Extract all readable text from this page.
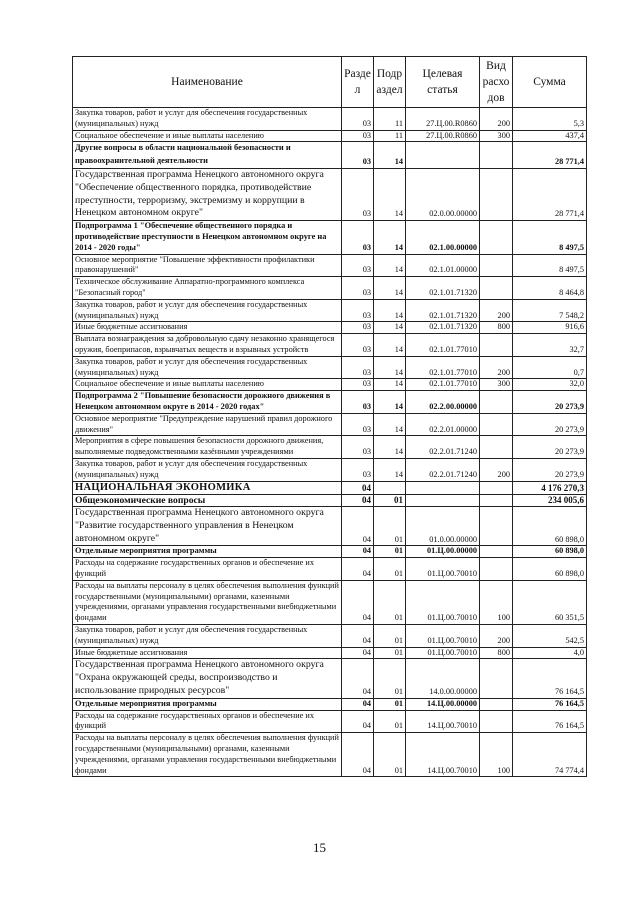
Наименование	Разде л	Подр аздел	Целевая статья	Вид расхо дов	Сумма
Закупка товаров, работ и услуг для обеспечения государственных (муниципальных) нужд	03	11	27.Ц.00.R0860	200	5,3
Социальное обеспечение и иные выплаты населению	03	11	27.Ц.00.R0860	300	437,4
Другие вопросы в области национальной безопасности и правоохранительной деятельности	03	14			28 771,4
Государственная программа Ненецкого автономного округа "Обеспечение общественного порядка, противодействие преступности, терроризму, экстремизму и коррупции в Ненецком автономном округе"	03	14	02.0.00.00000		28 771,4
Подпрограмма 1 "Обеспечение общественного порядка и противодействие преступности в Ненецком автономном округе на 2014 - 2020 годы"	03	14	02.1.00.00000		8 497,5
Основное мероприятие "Повышение эффективности профилактики правонарушений"	03	14	02.1.01.00000		8 497,5
Техническое обслуживание Аппаратно-программного комплекса "Безопасный город"	03	14	02.1.01.71320		8 464,8
Закупка товаров, работ и услуг для обеспечения государственных (муниципальных) нужд	03	14	02.1.01.71320	200	7 548,2
Иные бюджетные ассигнования	03	14	02.1.01.71320	800	916,6
Выплата вознаграждения за добровольную сдачу незаконно хранящегося оружия, боеприпасов, взрывчатых веществ и взрывных устройств	03	14	02.1.01.77010		32,7
Закупка товаров, работ и услуг для обеспечения государственных (муниципальных) нужд	03	14	02.1.01.77010	200	0,7
Социальное обеспечение и иные выплаты населению	03	14	02.1.01.77010	300	32,0
Подпрограмма 2 "Повышение безопасности дорожного движения в Ненецком автономном округе в 2014 - 2020 годах"	03	14	02.2.00.00000		20 273,9
Основное мероприятие "Предупреждение нарушений правил дорожного движения"	03	14	02.2.01.00000		20 273,9
Мероприятия в сфере повышения безопасности дорожного движения, выполняемые подведомственными казёнными учреждениями	03	14	02.2.01.71240		20 273,9
Закупка товаров, работ и услуг для обеспечения государственных (муниципальных) нужд	03	14	02.2.01.71240	200	20 273,9
НАЦИОНАЛЬНАЯ ЭКОНОМИКА	04				4 176 270,3
Общеэкономические вопросы	04	01			234 005,6
Государственная программа Ненецкого автономного округа "Развитие государственного управления в Ненецком автономном округе"	04	01	01.0.00.00000		60 898,0
Отдельные мероприятия программы	04	01	01.Ц.00.00000		60 898,0
Расходы на содержание государственных органов и обеспечение их функций	04	01	01.Ц.00.70010		60 898,0
Расходы на выплаты персоналу в целях обеспечения выполнения функций государственными (муниципальными) органами, казенными учреждениями, органами управления государственными внебюджетными фондами	04	01	01.Ц.00.70010	100	60 351,5
Закупка товаров, работ и услуг для обеспечения государственных (муниципальных) нужд	04	01	01.Ц.00.70010	200	542,5
Иные бюджетные ассигнования	04	01	01.Ц.00.70010	800	4,0
Государственная программа Ненецкого автономного округа "Охрана окружающей среды, воспроизводство и использование природных ресурсов"	04	01	14.0.00.00000		76 164,5
Отдельные мероприятия программы	04	01	14.Ц.00.00000		76 164,5
Расходы на содержание государственных органов и обеспечение их функций	04	01	14.Ц.00.70010		76 164,5
Расходы на выплаты персоналу в целях обеспечения выполнения функций государственными (муниципальными) органами, казенными учреждениями, органами управления государственными внебюджетными фондами	04	01	14.Ц.00.70010	100	74 774,4
15
